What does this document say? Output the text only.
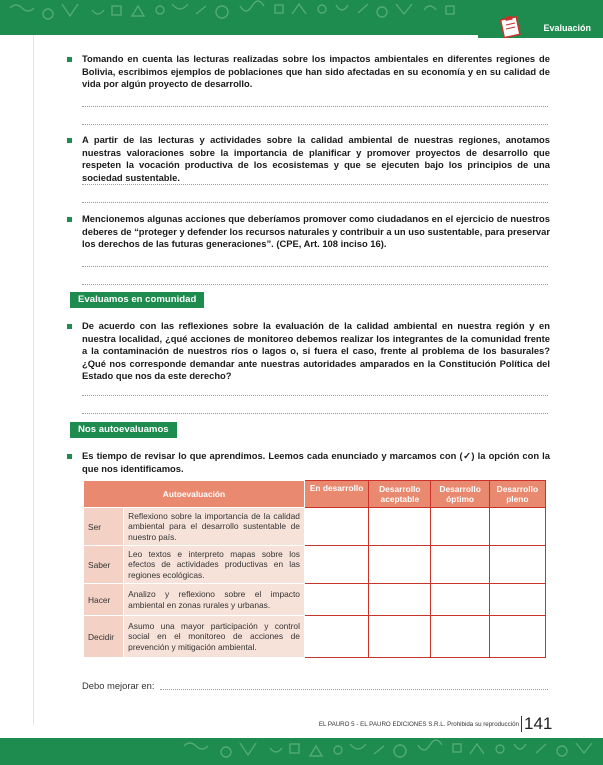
Evaluación

Tomando en cuenta las lecturas realizadas sobre los impactos ambientales en diferentes regiones de Bolivia, escribimos ejemplos de poblaciones que han sido afectadas en su economía y en su calidad de vida por algún proyecto de desarrollo.

A partir de las lecturas y actividades sobre la calidad ambiental de nuestras regiones, anotamos nuestras valoraciones sobre la importancia de planificar y promover proyectos de desarrollo que respeten la vocación productiva de los ecosistemas y que se ejecuten bajo los principios de una sociedad sustentable.

Mencionemos algunas acciones que deberíamos promover como ciudadanos en el ejercicio de nuestros deberes de “proteger y defender los recursos naturales y contribuir a un uso sustentable, para preservar los derechos de las futuras generaciones”. (CPE, Art. 108 inciso 16).

Evaluamos en comunidad

De acuerdo con las reflexiones sobre la evaluación de la calidad ambiental en nuestra región y en nuestra localidad, ¿qué acciones de monitoreo debemos realizar los integrantes de la comunidad frente a la contaminación de nuestros ríos o lagos o, si fuera el caso, frente al problema de los basurales? ¿Qué nos corresponde demandar ante nuestras autoridades amparados en la Constitución Política del Estado que nos da este derecho?

Nos autoevaluamos

Es tiempo de revisar lo que aprendimos. Leemos cada enunciado y marcamos con (✓) la opción con la que nos identificamos.

Autoevaluación		En desarrollo	Desarrollo aceptable	Desarrollo óptimo	Desarrollo pleno
Ser	Reflexiono sobre la importancia de la calidad ambiental para el desarrollo sustentable de nuestro país.				
Saber	Leo textos e interpreto mapas sobre los efectos de actividades productivas en las regiones ecológicas.				
Hacer	Analizo y reflexiono sobre el impacto ambiental en zonas rurales y urbanas.				
Decidir	Asumo una mayor participación y control social en el monitoreo de acciones de prevención y mitigación ambiental.				
Debo mejorar en:
EL PAURO 5 - EL PAURO EDICIONES S.R.L. Prohibida su reproducción 141
